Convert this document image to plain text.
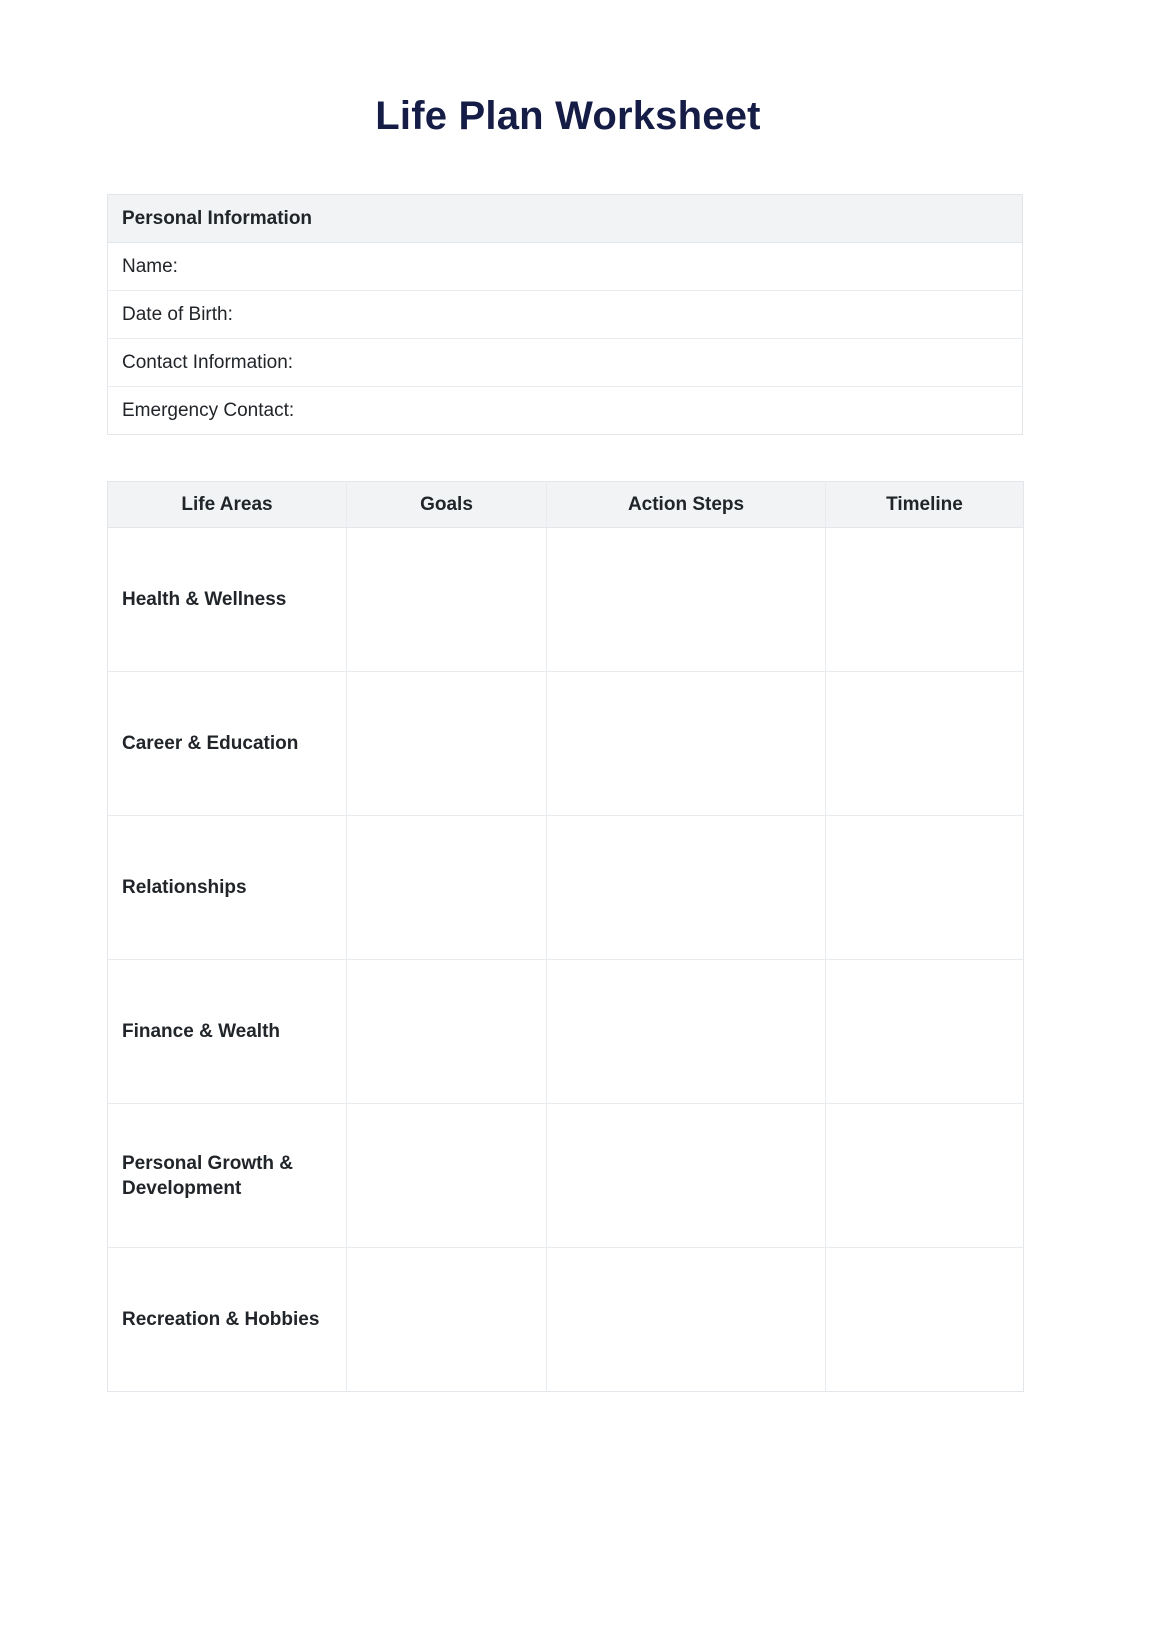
Life Plan Worksheet
Personal Information
Name:
Date of Birth:
Contact Information:
Emergency Contact:
Life Areas	Goals	Action Steps	Timeline
Health & Wellness			
Career & Education			
Relationships			
Finance & Wealth			
Personal Growth & Development			
Recreation & Hobbies			
